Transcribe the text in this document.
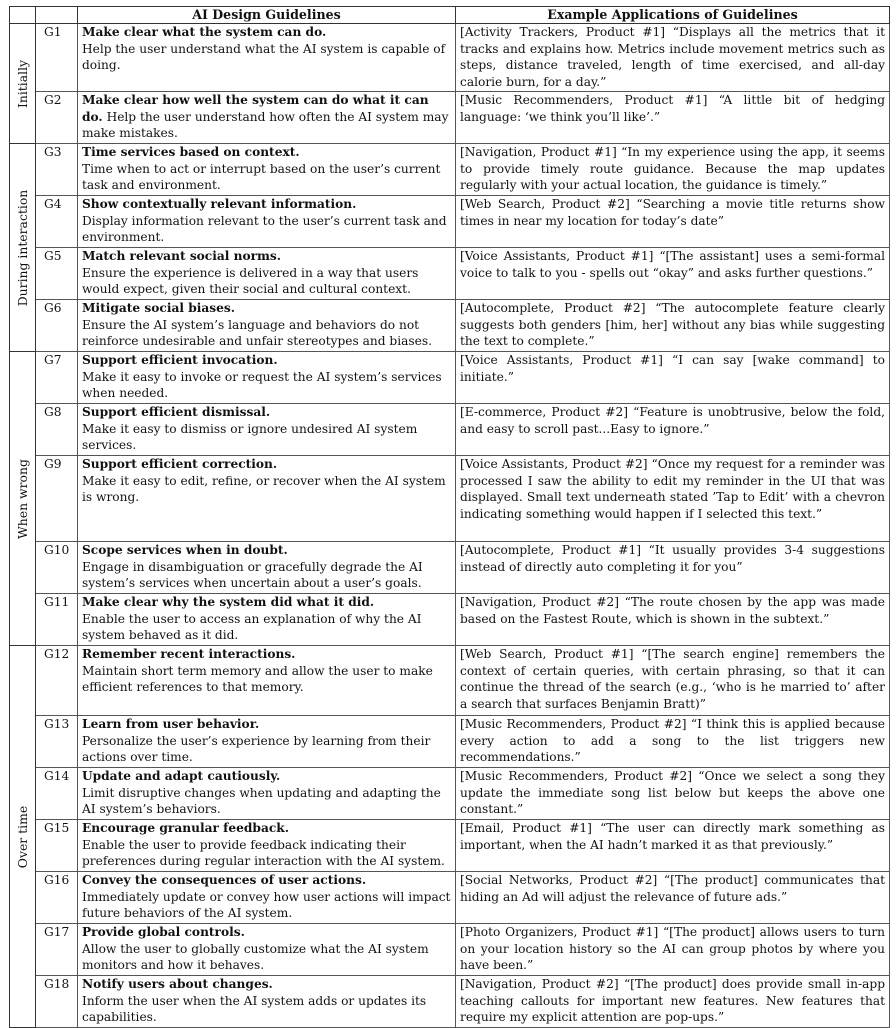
		AI Design Guidelines	Example Applications of Guidelines

Initially	G1	Make clear what the system can do.
Help the user understand what the AI system is capable of doing.	[Activity Trackers, Product #1] “Displays all the metrics that it tracks and explains how. Metrics include movement metrics such as steps, distance traveled, length of time exercised, and all-day calorie burn, for a day.”
	G2	Make clear how well the system can do what it can do. Help the user understand how often the AI system may make mistakes.	[Music Recommenders, Product #1] “A little bit of hedging language: ‘we think you’ll like’.”

During interaction	G3	Time services based on context.
Time when to act or interrupt based on the user’s current task and environment.	[Navigation, Product #1] “In my experience using the app, it seems to provide timely route guidance. Because the map updates regularly with your actual location, the guidance is timely.”
	G4	Show contextually relevant information.
Display information relevant to the user’s current task and environment.	[Web Search, Product #2] “Searching a movie title returns show times in near my location for today’s date”
	G5	Match relevant social norms.
Ensure the experience is delivered in a way that users would expect, given their social and cultural context.	[Voice Assistants, Product #1] “[The assistant] uses a semi-formal voice to talk to you - spells out “okay” and asks further questions.”
	G6	Mitigate social biases.
Ensure the AI system’s language and behaviors do not reinforce undesirable and unfair stereotypes and biases.	[Autocomplete, Product #2] “The autocomplete feature clearly suggests both genders [him, her] without any bias while suggesting the text to complete.”

When wrong	G7	Support efficient invocation.
Make it easy to invoke or request the AI system’s services when needed.	[Voice Assistants, Product #1] “I can say [wake command] to initiate.”
	G8	Support efficient dismissal.
Make it easy to dismiss or ignore undesired AI system services.	[E-commerce, Product #2] “Feature is unobtrusive, below the fold, and easy to scroll past...Easy to ignore.”
	G9	Support efficient correction.
Make it easy to edit, refine, or recover when the AI system is wrong.	[Voice Assistants, Product #2] “Once my request for a reminder was processed I saw the ability to edit my reminder in the UI that was displayed. Small text underneath stated ’Tap to Edit’ with a chevron indicating something would happen if I selected this text.”
	G10	Scope services when in doubt.
Engage in disambiguation or gracefully degrade the AI system’s services when uncertain about a user’s goals.	[Autocomplete, Product #1] “It usually provides 3-4 suggestions instead of directly auto completing it for you”
	G11	Make clear why the system did what it did.
Enable the user to access an explanation of why the AI system behaved as it did.	[Navigation, Product #2] “The route chosen by the app was made based on the Fastest Route, which is shown in the subtext.”

Over time	G12	Remember recent interactions.
Maintain short term memory and allow the user to make efficient references to that memory.	[Web Search, Product #1] “[The search engine] remembers the context of certain queries, with certain phrasing, so that it can continue the thread of the search (e.g., ‘who is he married to’ after a search that surfaces Benjamin Bratt)”
	G13	Learn from user behavior.
Personalize the user’s experience by learning from their actions over time.	[Music Recommenders, Product #2] “I think this is applied because every action to add a song to the list triggers new recommendations.”
	G14	Update and adapt cautiously.
Limit disruptive changes when updating and adapting the AI system’s behaviors.	[Music Recommenders, Product #2] “Once we select a song they update the immediate song list below but keeps the above one constant.”
	G15	Encourage granular feedback.
Enable the user to provide feedback indicating their preferences during regular interaction with the AI system.	[Email, Product #1] “The user can directly mark something as important, when the AI hadn’t marked it as that previously.”
	G16	Convey the consequences of user actions.
Immediately update or convey how user actions will impact future behaviors of the AI system.	[Social Networks, Product #2] “[The product] communicates that hiding an Ad will adjust the relevance of future ads.”
	G17	Provide global controls.
Allow the user to globally customize what the AI system monitors and how it behaves.	[Photo Organizers, Product #1] “[The product] allows users to turn on your location history so the AI can group photos by where you have been.”
	G18	Notify users about changes.
Inform the user when the AI system adds or updates its capabilities.	[Navigation, Product #2] “[The product] does provide small in-app teaching callouts for important new features. New features that require my explicit attention are pop-ups.”
